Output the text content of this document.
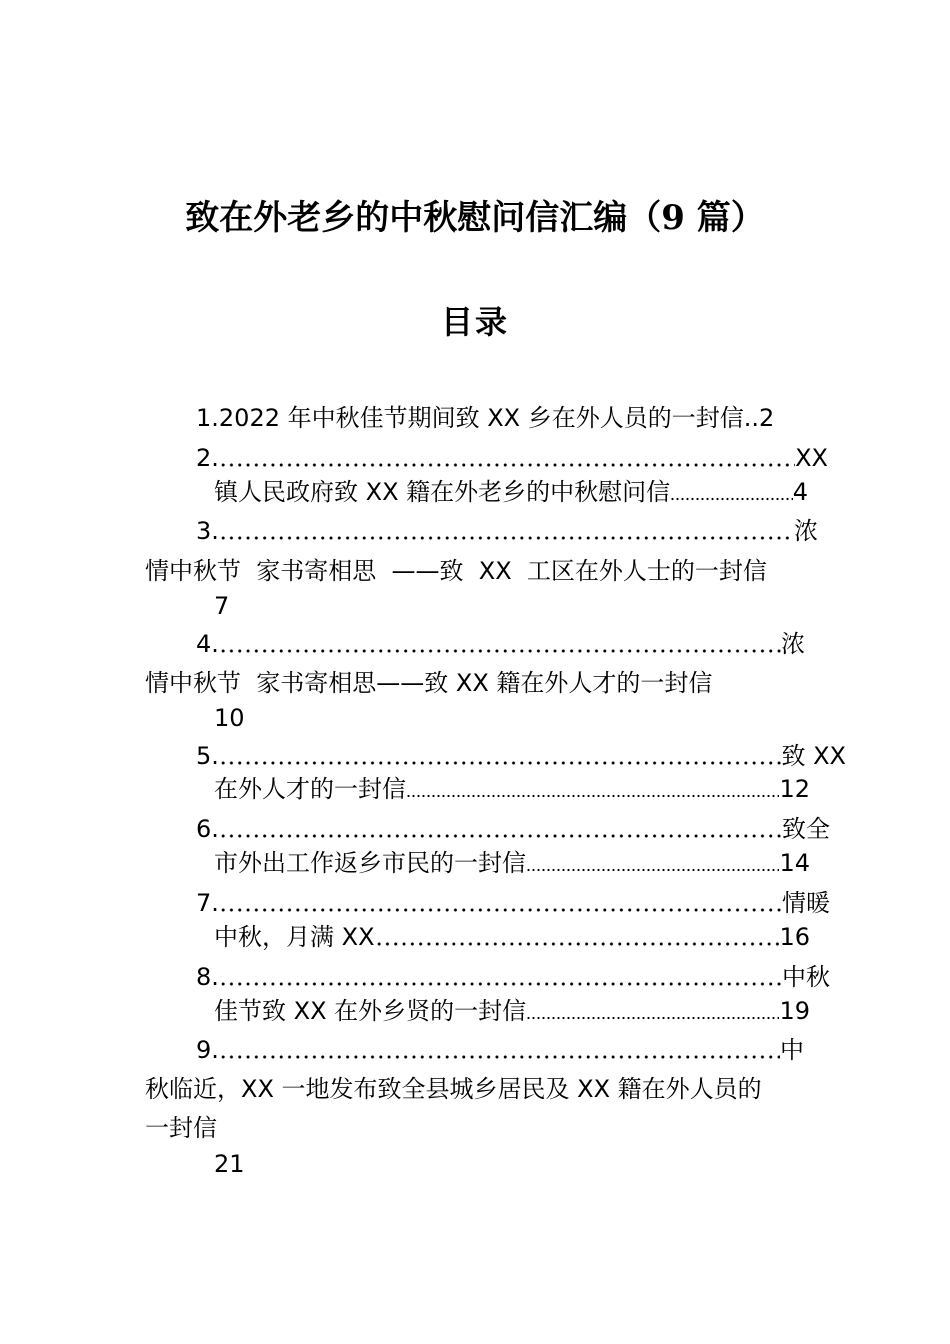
致在外老乡的中秋慰问信汇编（9 篇）
目录
1.2022 年中秋佳节期间致 XX 乡在外人员的一封信..2
2.	XX
镇人民政府致 XX 籍在外老乡的中秋慰问信	4
3.	浓
情中秋节  家书寄相思  ——致  XX  工区在外人士的一封信
7
4.	浓
情中秋节  家书寄相思——致 XX 籍在外人才的一封信
10
5.	致 XX
在外人才的一封信	12
6.	致全
市外出工作返乡市民的一封信	14
7.	情暖
中秋，月满 XX	16
8.	中秋
佳节致 XX 在外乡贤的一封信	19
9.	中
秋临近，XX 一地发布致全县城乡居民及 XX 籍在外人员的
一封信
21
